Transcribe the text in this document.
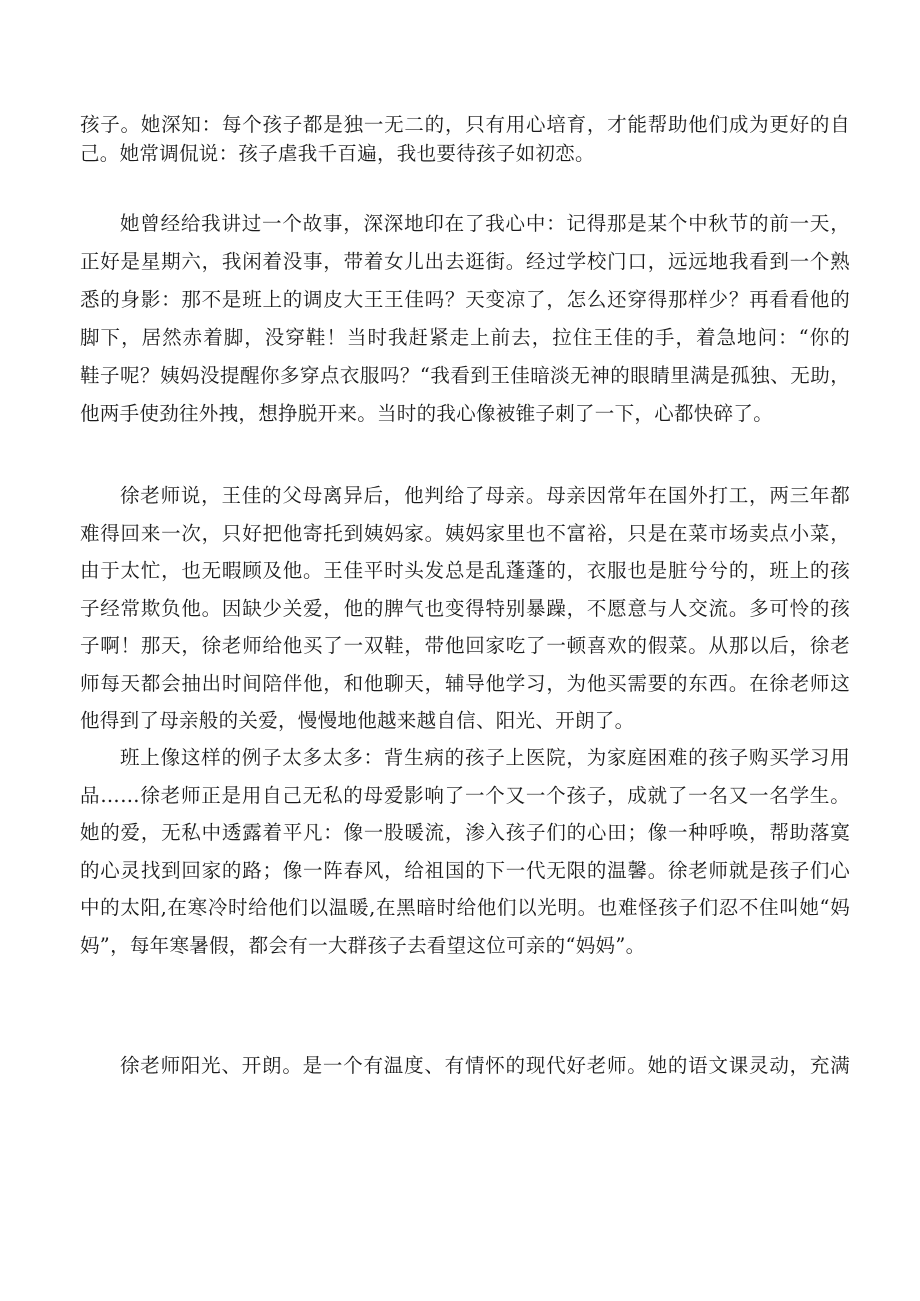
孩子。她深知：每个孩子都是独一无二的，只有用心培育，才能帮助他们成为更好的自
己。她常调侃说：孩子虐我千百遍，我也要待孩子如初恋。
她曾经给我讲过一个故事，深深地印在了我心中：记得那是某个中秋节的前一天，
正好是星期六，我闲着没事，带着女儿出去逛街。经过学校门口，远远地我看到一个熟
悉的身影：那不是班上的调皮大王王佳吗？天变凉了，怎么还穿得那样少？再看看他的
脚下，居然赤着脚，没穿鞋！当时我赶紧走上前去，拉住王佳的手，着急地问：“你的
鞋子呢？姨妈没提醒你多穿点衣服吗？“我看到王佳暗淡无神的眼睛里满是孤独、无助，
他两手使劲往外拽，想挣脱开来。当时的我心像被锥子刺了一下，心都快碎了。
徐老师说，王佳的父母离异后，他判给了母亲。母亲因常年在国外打工，两三年都
难得回来一次，只好把他寄托到姨妈家。姨妈家里也不富裕，只是在菜市场卖点小菜，
由于太忙，也无暇顾及他。王佳平时头发总是乱蓬蓬的，衣服也是脏兮兮的，班上的孩
子经常欺负他。因缺少关爱，他的脾气也变得特别暴躁，不愿意与人交流。多可怜的孩
子啊！那天，徐老师给他买了一双鞋，带他回家吃了一顿喜欢的假菜。从那以后，徐老
师每天都会抽出时间陪伴他，和他聊天，辅导他学习，为他买需要的东西。在徐老师这
他得到了母亲般的关爱，慢慢地他越来越自信、阳光、开朗了。
班上像这样的例子太多太多：背生病的孩子上医院，为家庭困难的孩子购买学习用
品……徐老师正是用自己无私的母爱影响了一个又一个孩子，成就了一名又一名学生。
她的爱，无私中透露着平凡：像一股暖流，渗入孩子们的心田；像一种呼唤，帮助落寞
的心灵找到回家的路；像一阵春风，给祖国的下一代无限的温馨。徐老师就是孩子们心
中的太阳,在寒冷时给他们以温暖,在黑暗时给他们以光明。也难怪孩子们忍不住叫她“妈
妈”，每年寒暑假，都会有一大群孩子去看望这位可亲的“妈妈”。
徐老师阳光、开朗。是一个有温度、有情怀的现代好老师。她的语文课灵动，充满
